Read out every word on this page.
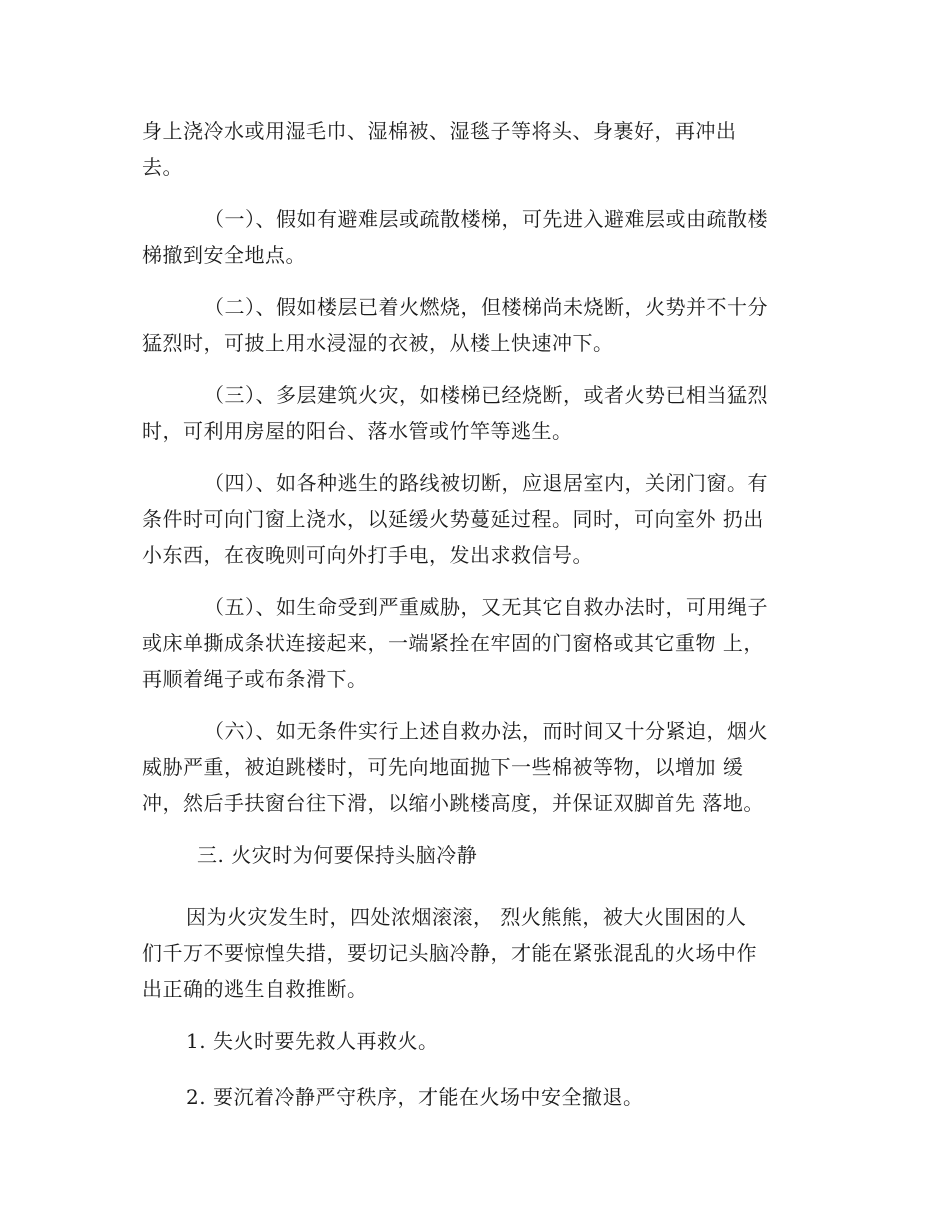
身上浇冷水或用湿毛巾、湿棉被、湿毯子等将头、身裹好，再冲出
去。

（一）、假如有避难层或疏散楼梯，可先进入避难层或由疏散楼
梯撤到安全地点。

（二）、假如楼层已着火燃烧，但楼梯尚未烧断，火势并不十分
猛烈时，可披上用水浸湿的衣被，从楼上快速冲下。

（三）、多层建筑火灾，如楼梯已经烧断，或者火势已相当猛烈
时，可利用房屋的阳台、落水管或竹竿等逃生。

（四）、如各种逃生的路线被切断，应退居室内，关闭门窗。有
条件时可向门窗上浇水，以延缓火势蔓延过程。同时，可向室外 扔出
小东西，在夜晚则可向外打手电，发出求救信号。

（五）、如生命受到严重威胁，又无其它自救办法时，可用绳子
或床单撕成条状连接起来，一端紧拴在牢固的门窗格或其它重物 上，
再顺着绳子或布条滑下。

（六）、如无条件实行上述自救办法，而时间又十分紧迫，烟火
威胁严重，被迫跳楼时，可先向地面抛下一些棉被等物，以增加 缓
冲，然后手扶窗台往下滑，以缩小跳楼高度，并保证双脚首先 落地。

三. 火灾时为何要保持头脑冷静

因为火灾发生时，四处浓烟滚滚， 烈火熊熊，被大火围困的人
们千万不要惊惶失措，要切记头脑冷静，才能在紧张混乱的火场中作
出正确的逃生自救推断。

1. 失火时要先救人再救火。

2. 要沉着冷静严守秩序，才能在火场中安全撤退。
